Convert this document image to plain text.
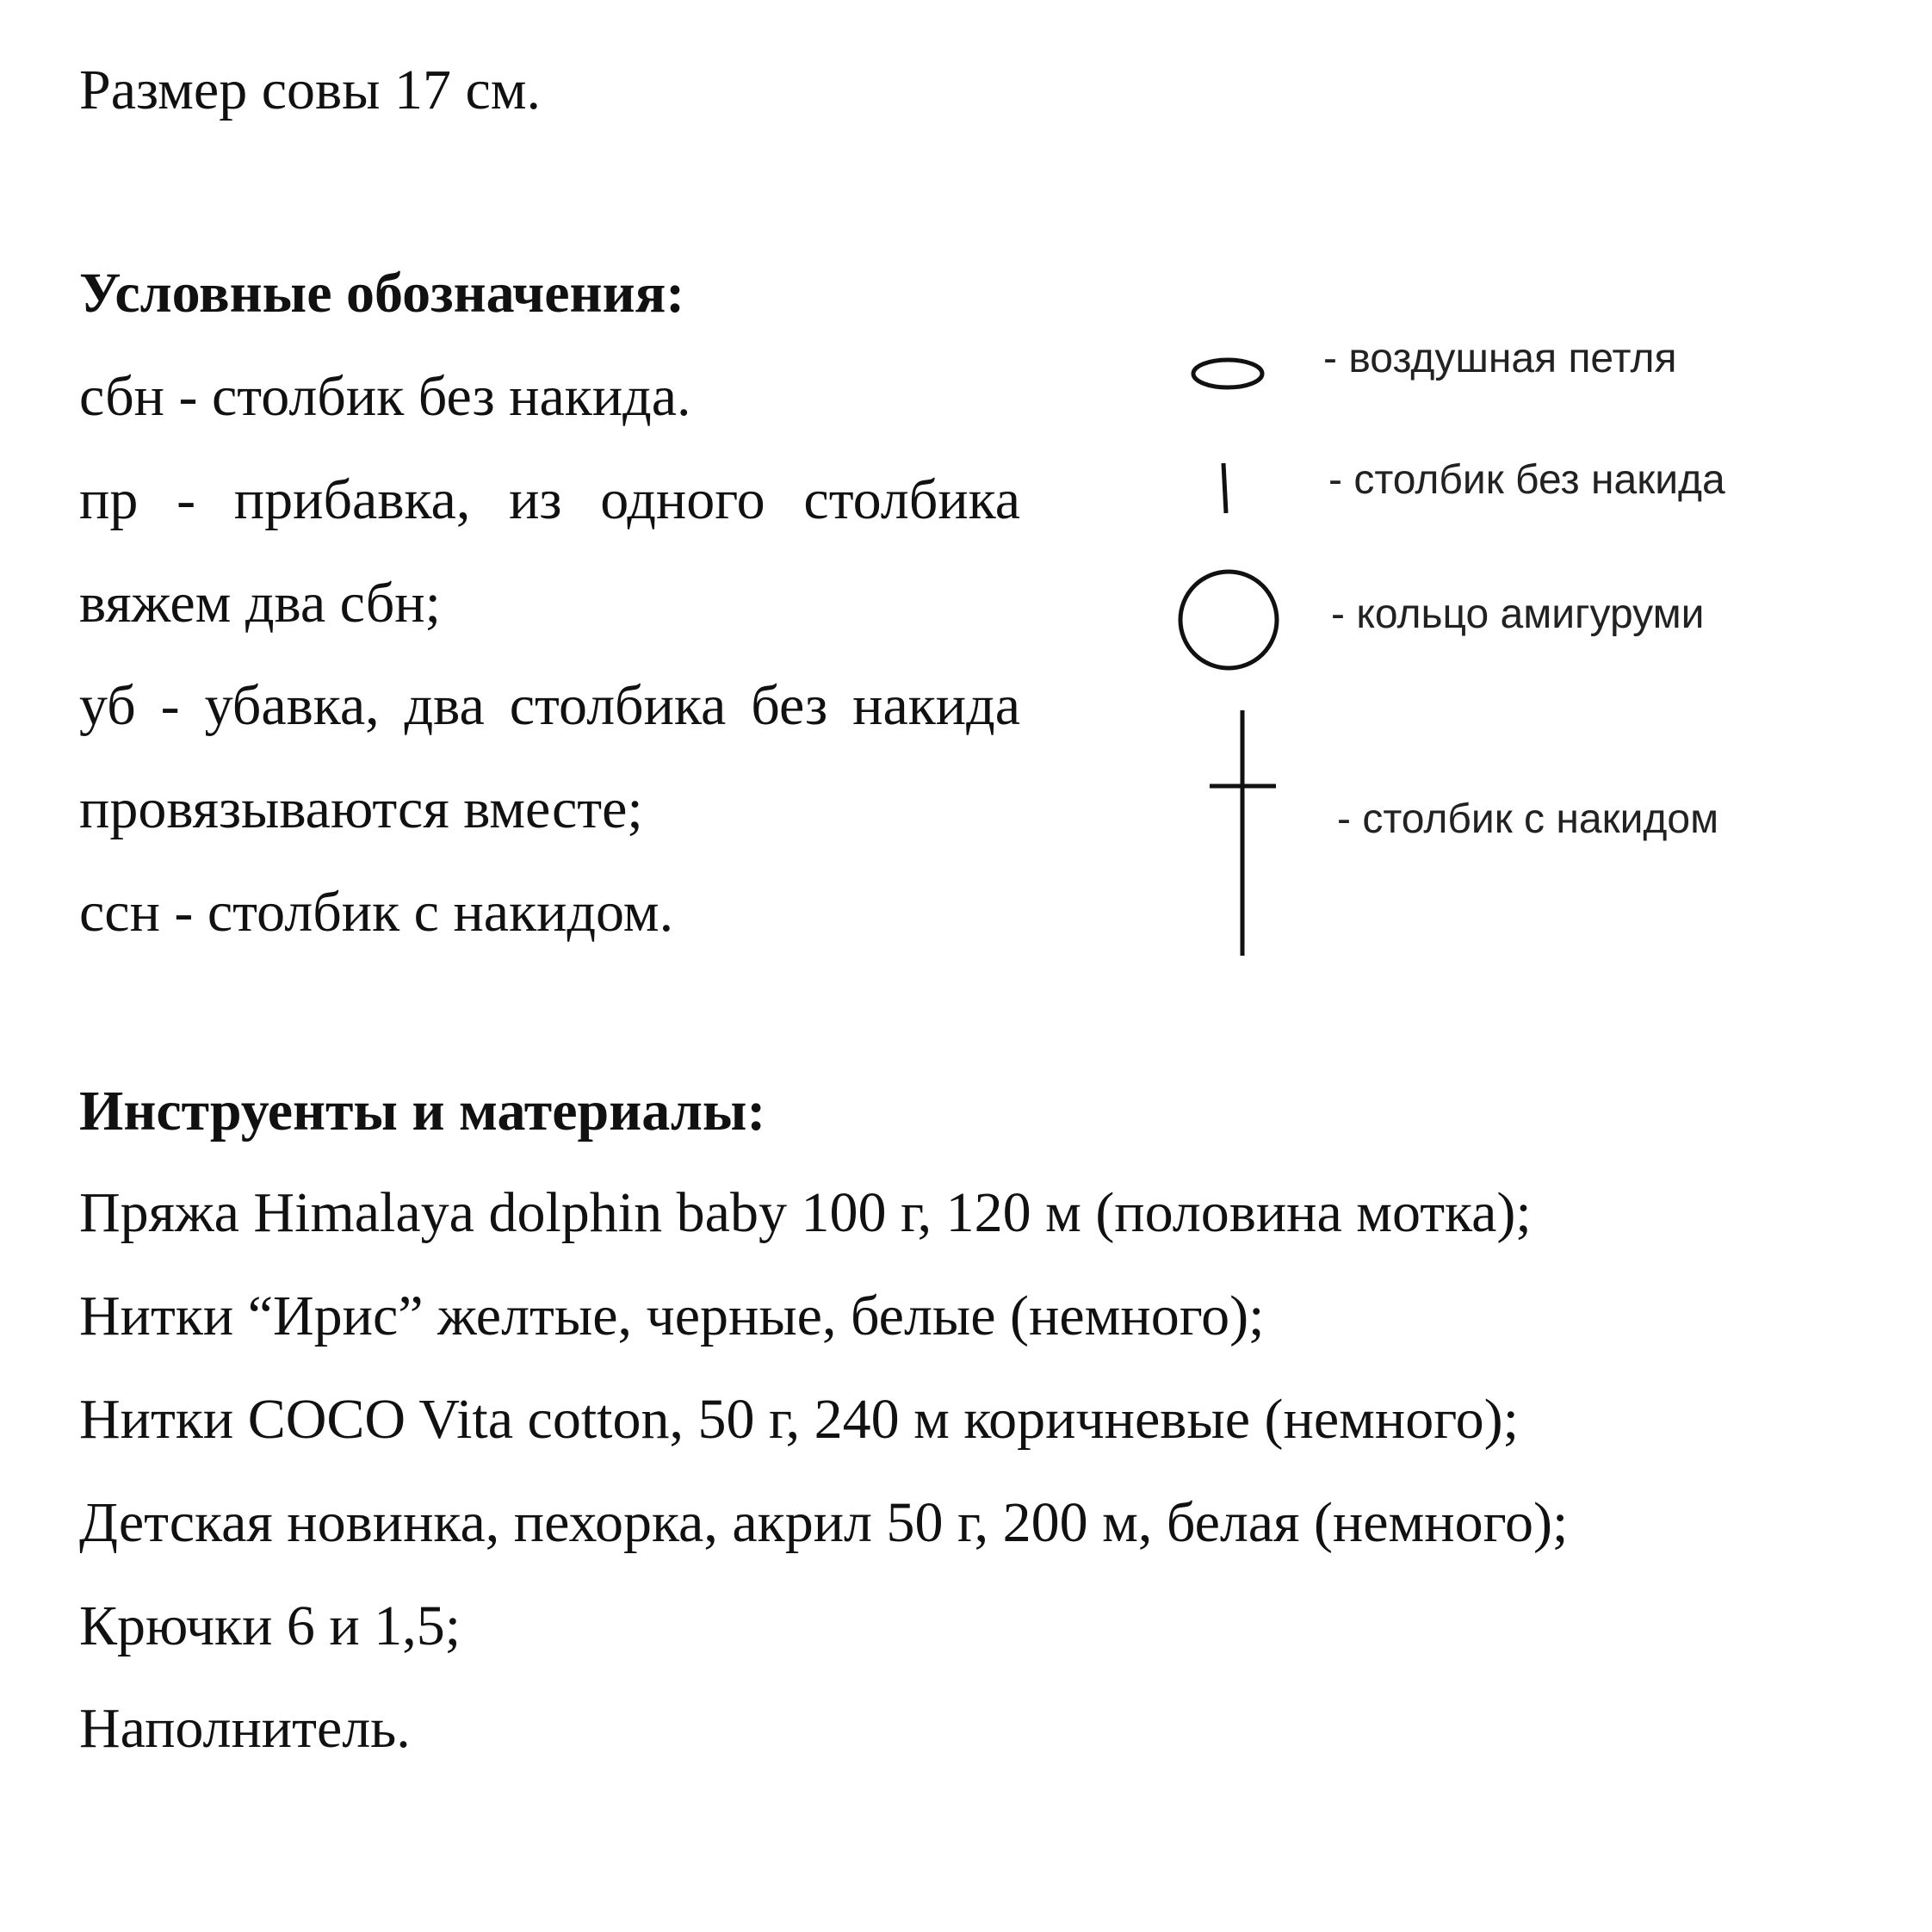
Размер совы 17 см.
Условные обозначения:
сбн - столбик без накида.
пр - прибавка, из одного столбика
вяжем два сбн;
уб - убавка, два столбика без накида
провязываются вместе;
ссн - столбик с накидом.
- воздушная петля
- столбик без накида
- кольцо амигуруми
- столбик с накидом
Инструенты и материалы:
Пряжа Himalaya dolphin baby 100 г, 120 м (половина мотка);
Нитки “Ирис” желтые, черные, белые (немного);
Нитки COCO Vita cotton, 50 г, 240 м коричневые (немного);
Детская новинка, пехорка, акрил 50 г, 200 м, белая (немного);
Крючки 6 и 1,5;
Наполнитель.
